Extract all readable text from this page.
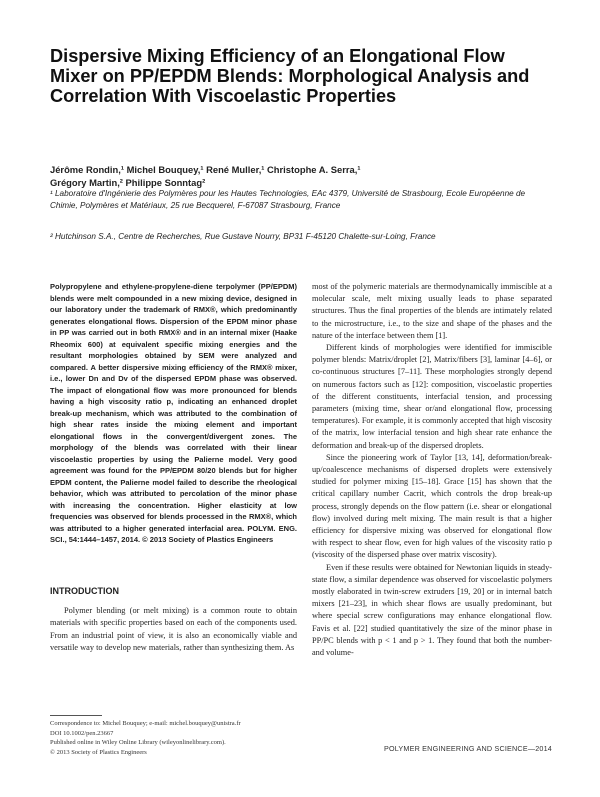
Dispersive Mixing Efficiency of an Elongational Flow Mixer on PP/EPDM Blends: Morphological Analysis and Correlation With Viscoelastic Properties
Jérôme Rondin,¹ Michel Bouquey,¹ René Muller,¹ Christophe A. Serra,¹
Grégory Martin,² Philippe Sonntag²
¹ Laboratoire d'Ingénierie des Polymères pour les Hautes Technologies, EAc 4379, Université de Strasbourg, Ecole Européenne de Chimie, Polymères et Matériaux, 25 rue Becquerel, F-67087 Strasbourg, France
² Hutchinson S.A., Centre de Recherches, Rue Gustave Nourry, BP31 F-45120 Chalette-sur-Loing, France
Polypropylene and ethylene-propylene-diene terpolymer (PP/EPDM) blends were melt compounded in a new mixing device, designed in our laboratory under the trademark of RMX®, which predominantly generates elongational flows. Dispersion of the EPDM minor phase in PP was carried out in both RMX® and in an internal mixer (Haake Rheomix 600) at equivalent specific mixing energies and the resultant morphologies obtained by SEM were analyzed and compared. A better dispersive mixing efficiency of the RMX® mixer, i.e., lower Dn and Dv of the dispersed EPDM phase was observed. The impact of elongational flow was more pronounced for blends having a high viscosity ratio p, indicating an enhanced droplet break-up mechanism, which was attributed to the combination of high shear rates inside the mixing element and important elongational flows in the convergent/divergent zones. The morphology of the blends was correlated with their linear viscoelastic properties by using the Palierne model. Very good agreement was found for the PP/EPDM 80/20 blends but for higher EPDM content, the Palierne model failed to describe the rheological behavior, which was attributed to percolation of the minor phase with increasing the concentration. Higher elasticity at low frequencies was observed for blends processed in the RMX®, which was attributed to a higher generated interfacial area. POLYM. ENG. SCI., 54:1444–1457, 2014. © 2013 Society of Plastics Engineers
INTRODUCTION

Polymer blending (or melt mixing) is a common route to obtain materials with specific properties based on each of the components used. From an industrial point of view, it is also an economically viable and versatile way to develop new materials, rather than synthesizing them. As

Correspondence to: Michel Bouquey; e-mail: michel.bouquey@unistra.fr
DOI 10.1002/pen.23667
Published online in Wiley Online Library (wileyonlinelibrary.com).
© 2013 Society of Plastics Engineers

most of the polymeric materials are thermodynamically immiscible at a molecular scale, melt mixing usually leads to phase separated structures. Thus the final properties of the blends are intimately related to the microstructure, i.e., to the size and shape of the phases and the nature of the interface between them [1].

Different kinds of morphologies were identified for immiscible polymer blends: Matrix/droplet [2], Matrix/fibers [3], laminar [4–6], or co-continuous structures [7–11]. These morphologies strongly depend on numerous factors such as [12]: composition, viscoelastic properties of the different constituents, interfacial tension, and processing parameters (mixing time, shear or/and elongational flow, processing temperatures). For example, it is commonly accepted that high viscosity of the matrix, low interfacial tension and high shear rate enhance the deformation and break-up of the dispersed droplets.

Since the pioneering work of Taylor [13, 14], deformation/break-up/coalescence mechanisms of dispersed droplets were extensively studied for polymer mixing [15–18]. Grace [15] has shown that the critical capillary number Cacrit, which controls the drop break-up process, strongly depends on the flow pattern (i.e. shear or elongational flow) involved during melt mixing. The main result is that a higher efficiency for dispersive mixing was observed for elongational flow with respect to shear flow, even for high values of the viscosity ratio p (viscosity of the dispersed phase over matrix viscosity).

Even if these results were obtained for Newtonian liquids in steady-state flow, a similar dependence was observed for viscoelastic polymers mostly elaborated in twin-screw extruders [19, 20] or in internal batch mixers [21–23], in which shear flows are usually predominant, but where special screw configurations may enhance elongational flow. Favis et al. [22] studied quantitatively the size of the minor phase in PP/PC blends with p < 1 and p > 1. They found that both the number- and volume-

POLYMER ENGINEERING AND SCIENCE—2014
